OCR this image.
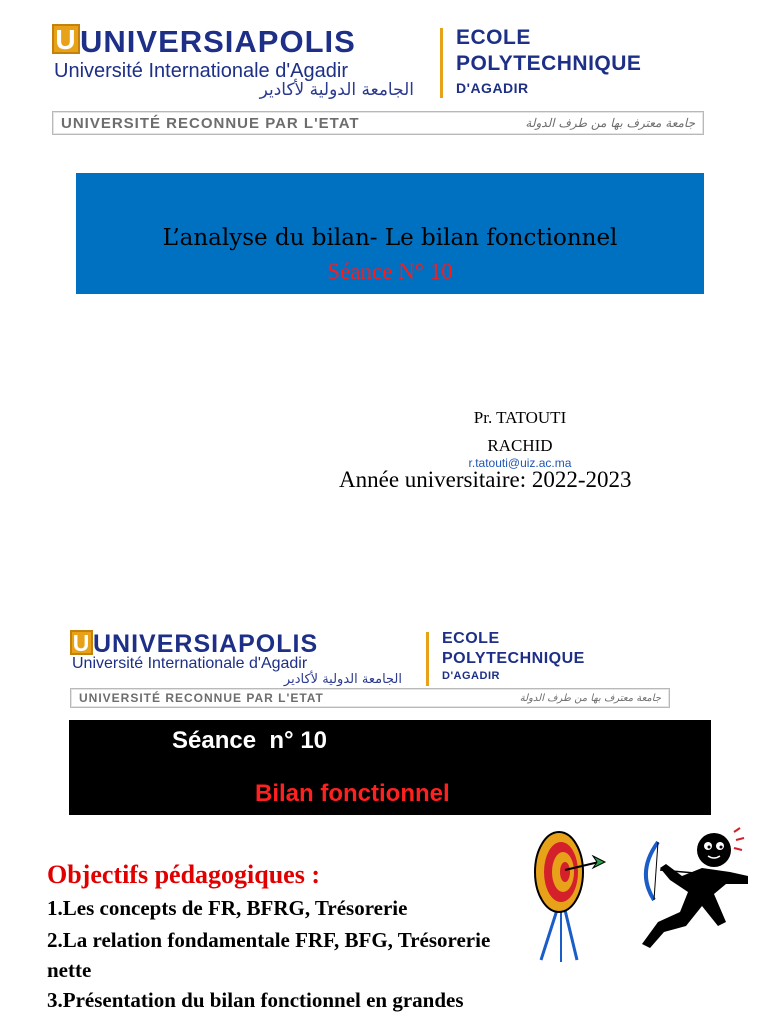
U UNIVERSIAPOLIS
Université Internationale d'Agadir
الجامعة الدولية لأكادير
ECOLE
POLYTECHNIQUE
D'AGADIR
UNIVERSITÉ RECONNUE PAR L'ETAT	جامعة معترف بها من طرف الدولة
L’analyse du bilan- Le bilan fonctionnel
Séance N° 10
Pr. TATOUTI
RACHID
r.tatouti@uiz.ac.ma
Année universitaire: 2022-2023
U UNIVERSIAPOLIS
Université Internationale d'Agadir
الجامعة الدولية لأكادير
ECOLE
POLYTECHNIQUE
D'AGADIR
UNIVERSITÉ RECONNUE PAR L'ETAT	جامعة معترف بها من طرف الدولة
Séance  n° 10
Bilan fonctionnel
Objectifs pédagogiques :
1.Les concepts de FR, BFRG, Trésorerie
2.La relation fondamentale FRF, BFG, Trésorerie
nette
3.Présentation du bilan fonctionnel en grandes
